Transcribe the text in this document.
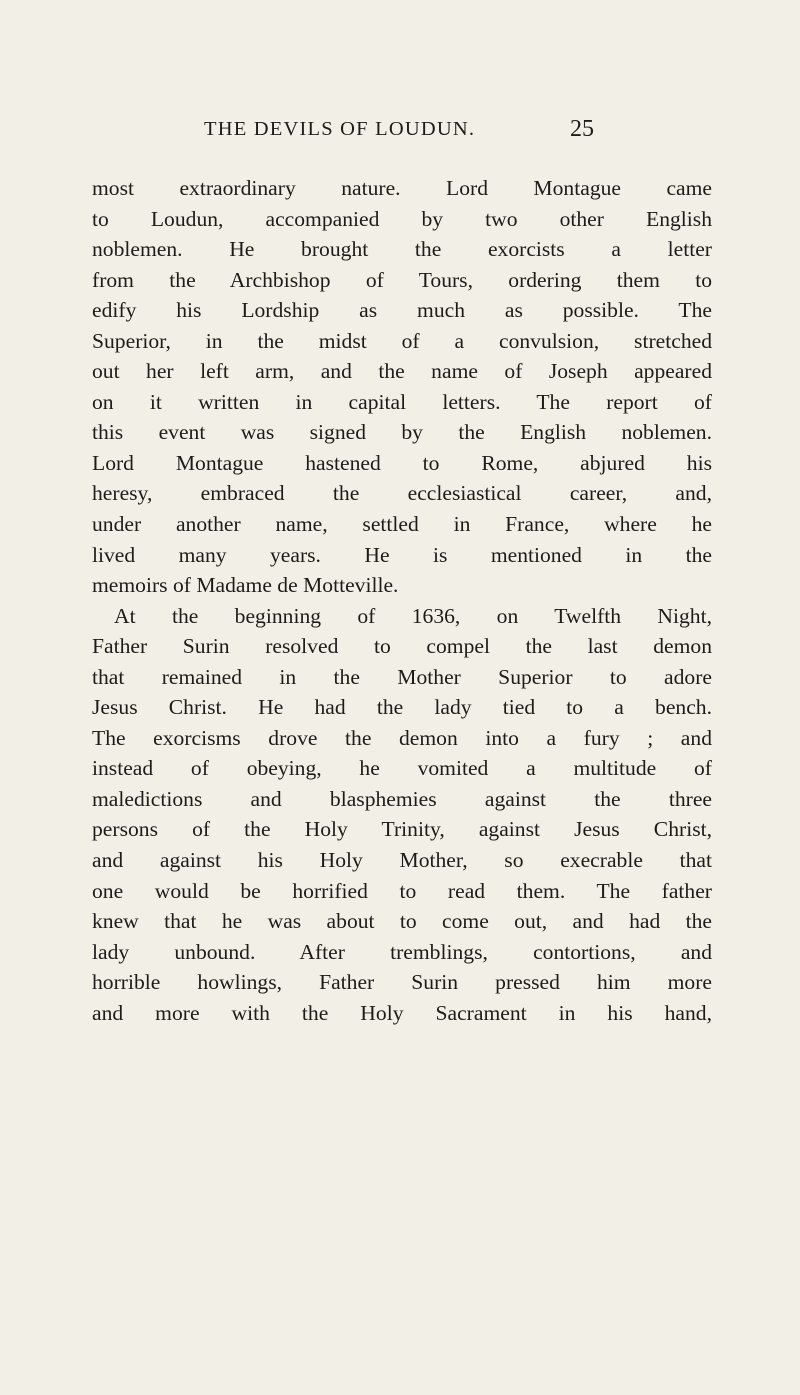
THE DEVILS OF LOUDUN.	25
most extraordinary nature. Lord Montague came
to Loudun, accompanied by two other English
noblemen. He brought the exorcists a letter
from the Archbishop of Tours, ordering them to
edify his Lordship as much as possible. The
Superior, in the midst of a convulsion, stretched
out her left arm, and the name of Joseph appeared
on it written in capital letters. The report of
this event was signed by the English noblemen.
Lord Montague hastened to Rome, abjured his
heresy, embraced the ecclesiastical career, and,
under another name, settled in France, where he
lived many years. He is mentioned in the
memoirs of Madame de Motteville.
At the beginning of 1636, on Twelfth Night,
Father Surin resolved to compel the last demon
that remained in the Mother Superior to adore
Jesus Christ. He had the lady tied to a bench.
The exorcisms drove the demon into a fury ; and
instead of obeying, he vomited a multitude of
maledictions and blasphemies against the three
persons of the Holy Trinity, against Jesus Christ,
and against his Holy Mother, so execrable that
one would be horrified to read them. The father
knew that he was about to come out, and had the
lady unbound. After tremblings, contortions, and
horrible howlings, Father Surin pressed him more
and more with the Holy Sacrament in his hand,
